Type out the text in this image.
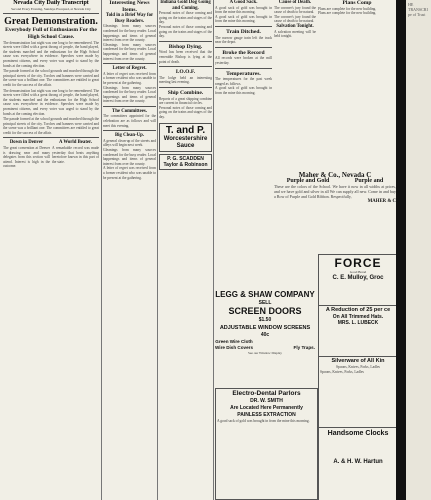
Nevada City Daily Transcript
Second Every Evening, Sundays Excepted, at Nevada City
Great Demonstration.
Everybody Full of Enthusiasm For the High School Cause.

The demonstration last night was one long to be remembered. The streets were filled with a great throng of people, the band played, the students marched and the enthusiasm for the High School cause was everywhere in evidence. Speeches were made by prominent citizens, and every voter was urged to stand by the bonds at the coming election.

The parade formed at the school grounds and marched through the principal streets of the city. Torches and banners were carried and the scene was a brilliant one. The committees are entitled to great credit for the success of the affair.

The demonstration last night was one long to be remembered. The streets were filled with a great throng of people, the band played, the students marched and the enthusiasm for the High School cause was everywhere in evidence. Speeches were made by prominent citizens, and every voter was urged to stand by the bonds at the coming election.

The parade formed at the school grounds and marched through the principal streets of the city. Torches and banners were carried and the scene was a brilliant one. The committees are entitled to great credit for the success of the affair.

Down in Denver
The great convention at Denver is drawing near and many delegates from this section will attend. Interest is high in the outcome.
A World Beater.
A remarkable record was made yesterday that beats anything heretofore known in this part of the state.
Interesting News Items.
Told in a Brief Way for Busy Readers.
Gleanings from many sources condensed for the busy reader. Local happenings and items of general interest from over the county.
Gleanings from many sources condensed for the busy reader. Local happenings and items of general interest from over the county.
Letter of Regret.
A letter of regret was received from a former resident who was unable to be present at the gathering.
Gleanings from many sources condensed for the busy reader. Local happenings and items of general interest from over the county.
The Committees.
The committees appointed for the celebration are as follows and will meet this evening.
Big Clean-Up.
A general clean-up of the streets and alleys will begin next week.
Gleanings from many sources condensed for the busy reader. Local happenings and items of general interest from over the county.
A letter of regret was received from a former resident who was unable to be present at the gathering.
Indiana Gold Dog Going and Coming.
Personal notes of those coming and going on the trains and stages of the day.
Personal notes of those coming and going on the trains and stages of the day.
Bishop Dying.
Word has been received that the venerable Bishop is lying at the point of death.
I.O.O.F.
The lodge held an interesting meeting last evening.
Ship Combine.
Reports of a great shipping combine are current in financial circles.
Personal notes of those coming and going on the trains and stages of the day.
T. and P.
Worcestershire
Sauce
P. G. SCADDEN
Taylor & Robinson
A Good Sack.
A good sack of gold was brought in from the mine this morning.
A good sack of gold was brought in from the mine this morning.
Train Ditched.
The narrow gauge train left the track near the depot.
Broke the Record
All records were broken at the mill yesterday.
Temperatures.
The temperatures for the past week ranged as follows.
A good sack of gold was brought in from the mine this morning.
Cause of Death.
The coroner's jury found the cause of death to be natural.
The coroner's jury found the cause of death to be natural.
Salvation Tonight.
A salvation meeting will be held tonight.
Plans Comp
Plans are complete for the new building.
Plans are complete for the new building.
Maher & Co., Nevada C
Purple and Gold	Purple and
These are the colors of the School. We have it now in all widths at prices, and we have gold and silver in all We can supply all new. Come in and buy a Bow of Purple and Gold Ribbon. Respectfully,
MAHER & C
FORCE
Good Bread
C. E. Mulloy, Groc
A Reduction of 25 per ce
On All Trimmed Hats.
MRS. L. LUBECK
Silverware of All Kin
Spoons, Knives, Forks, Ladles
Spoons, Knives, Forks, Ladles
Handsome Clocks
A. & H. W. Hartun
LEGG & SHAW COMPANY
SELL
SCREEN DOORS
$1.50
ADJUSTABLE WINDOW SCREENS
40c
Green Wire Cloth
Wire Dish Covers	Fly Traps.
See our Window Display
Electro-Dental Parlors
DR. W. SMITH
Are Located Here Permanently
PAINLESS EXTRACTION
A good sack of gold was brought in from the mine this morning.
HE TRANSCRI pe of Trust
